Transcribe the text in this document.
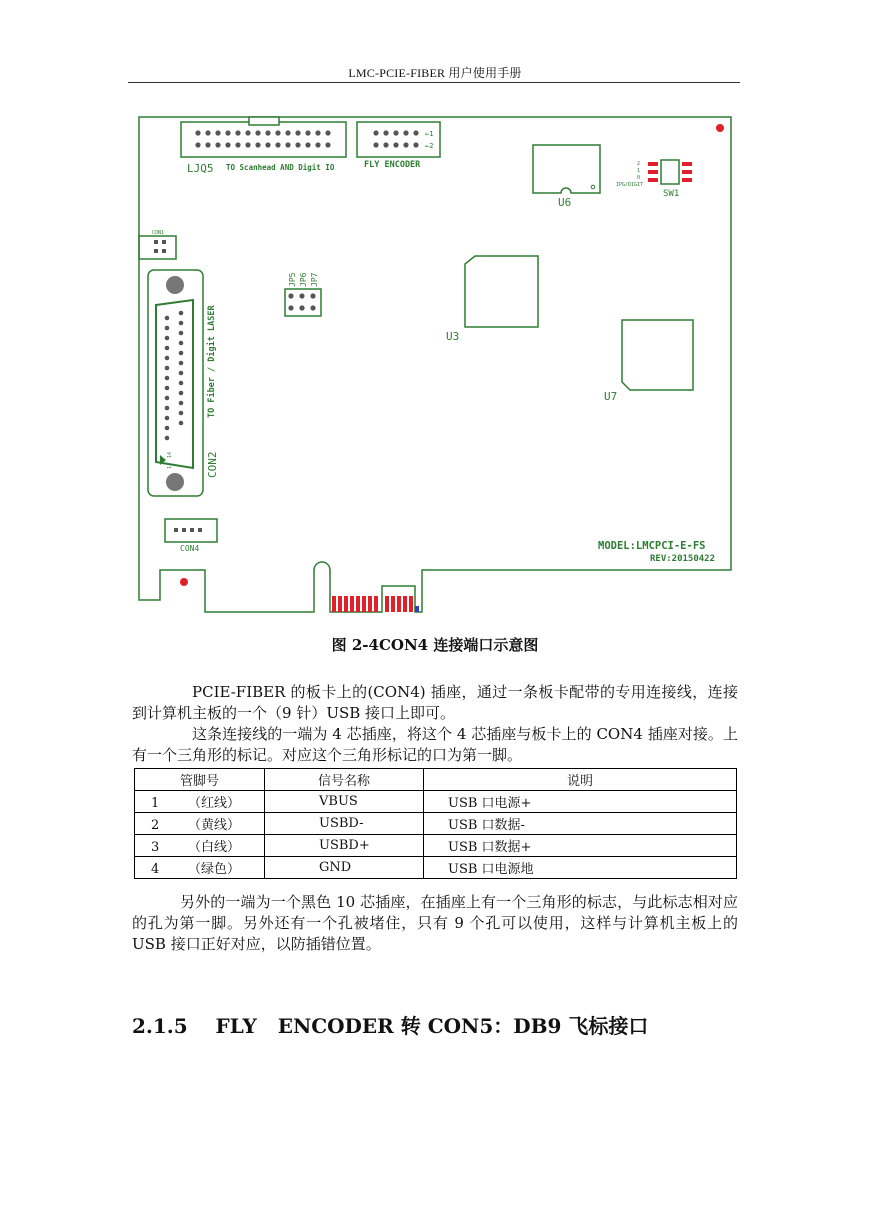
LMC-PCIE-FIBER 用户使用手册
LJQ5 TO Scanhead AND Digit IO	FLY ENCODER
←1
←2
U6
SW1
2
1
0
IPG/DIGIT
CON1
JP5 JP6 JP7
U3
U7
CON2
TO Fiber / Digit LASER
1
14
CON4	MODEL:LMCPCI-E-FS
REV:20150422
图 2-4CON4 连接端口示意图
PCIE-FIBER 的板卡上的(CON4) 插座，通过一条板卡配带的专用连接线，连接到计算机主板的一个（9 针）USB 接口上即可。
这条连接线的一端为 4 芯插座，将这个 4 芯插座与板卡上的 CON4 插座对接。上有一个三角形的标记。对应这个三角形标记的口为第一脚。
管脚号	信号名称	说明
1 （红线）	VBUS	USB 口电源+
2 （黄线）	USBD-	USB 口数据-
3 （白线）	USBD+	USB 口数据+
4 （绿色）	GND	USB 口电源地
另外的一端为一个黑色 10 芯插座，在插座上有一个三角形的标志，与此标志相对应的孔为第一脚。另外还有一个孔被堵住，只有 9 个孔可以使用，这样与计算机主板上的 USB 接口正好对应，以防插错位置。
2.1.5 FLY   ENCODER 转 CON5：DB9 飞标接口
